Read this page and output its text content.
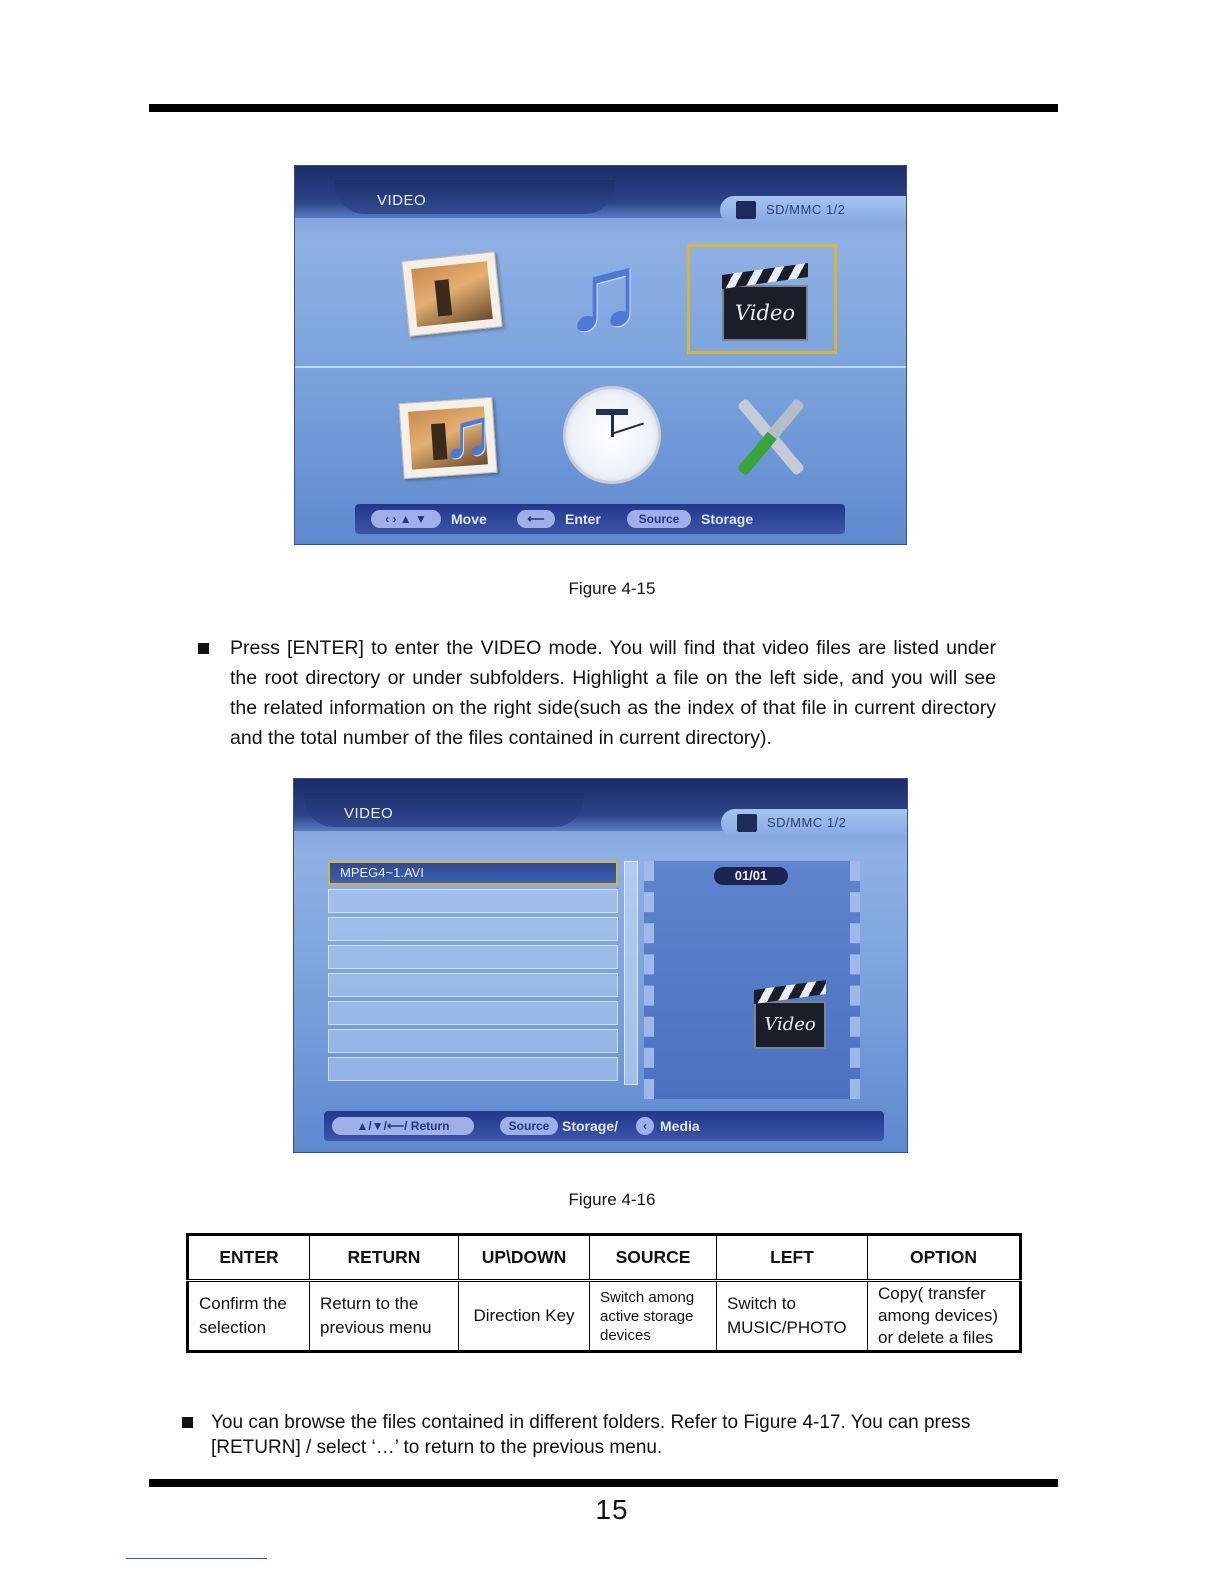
VIDEO
SD/MMC 1/2
♫	Video
♫
‹ › ▲ ▼	Move	⟵	Enter	Source	Storage
Figure 4-15
Press [ENTER] to enter the VIDEO mode. You will find that video files are listed under the root directory or under subfolders. Highlight a file on the left side, and you will see the related information on the right side(such as the index of that file in current directory and the total number of the files contained in current directory).
VIDEO
SD/MMC 1/2
MPEG4~1.AVI	01/01
Video
▲/▼/⟵/ Return	Source Storage/	‹ Media
Figure 4-16
ENTER	RETURN	UP\DOWN	SOURCE	LEFT	OPTION
Confirm the selection	Return to the previous menu	Direction Key	Switch among active storage devices	Switch to MUSIC/PHOTO	Copy( transfer among devices) or delete a files
You can browse the files contained in different folders. Refer to Figure 4-17. You can press [RETURN] / select ‘…’ to return to the previous menu.
15
